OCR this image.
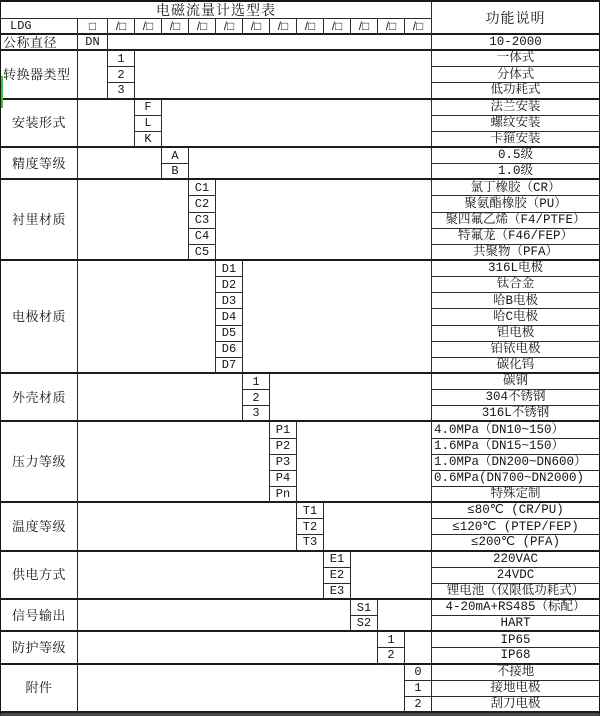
电磁流量计选型表	功能说明
LDG	□	/□	/□	/□	/□	/□	/□	/□	/□	/□	/□	/□	/□
公称直径	DN	10-2000
转换器类型
1	一体式
2	分体式
3	低功耗式
安装形式
F	法兰安装
L	螺纹安装
K	卡箍安装
精度等级
A	0.5级
B	1.0级
衬里材质
C1	氯丁橡胶（CR）
C2	聚氨酯橡胶（PU）
C3	聚四氟乙烯（F4/PTFE）
C4	特氟龙（F46/FEP）
C5	共聚物（PFA）
电极材质
D1	316L电极
D2	钛合金
D3	哈B电极
D4	哈C电极
D5	钽电极
D6	铂铱电极
D7	碳化钨
外壳材质
1	碳钢
2	304不锈钢
3	316L不锈钢
压力等级
P1	4.0MPa（DN10~150）
P2	1.6MPa（DN15~150）
P3	1.0MPa（DN200~DN600）
P4	0.6MPa(DN700~DN2000)
Pn	特殊定制
温度等级
T1	≤80℃ (CR/PU)
T2	≤120℃ (PTEP/FEP)
T3	≤200℃ (PFA)
供电方式
E1	220VAC
E2	24VDC
E3	锂电池（仅限低功耗式）
信号输出
S1	4-20mA+RS485（标配）
S2	HART
防护等级
1	IP65
2	IP68
附件
0	不接地
1	接地电极
2	刮刀电极
